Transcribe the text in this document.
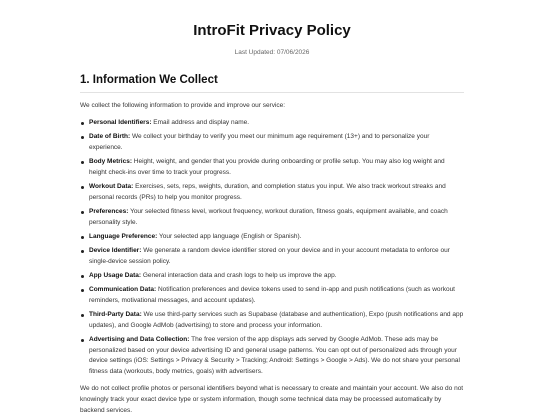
IntroFit Privacy Policy
Last Updated: 07/06/2026
1. Information We Collect

We collect the following information to provide and improve our service:

Personal Identifiers: Email address and display name.
Date of Birth: We collect your birthday to verify you meet our minimum age requirement (13+) and to personalize your experience.
Body Metrics: Height, weight, and gender that you provide during onboarding or profile setup. You may also log weight and height check-ins over time to track your progress.
Workout Data: Exercises, sets, reps, weights, duration, and completion status you input. We also track workout streaks and personal records (PRs) to help you monitor progress.
Preferences: Your selected fitness level, workout frequency, workout duration, fitness goals, equipment available, and coach personality style.
Language Preference: Your selected app language (English or Spanish).
Device Identifier: We generate a random device identifier stored on your device and in your account metadata to enforce our single-device session policy.
App Usage Data: General interaction data and crash logs to help us improve the app.
Communication Data: Notification preferences and device tokens used to send in-app and push notifications (such as workout reminders, motivational messages, and account updates).
Third-Party Data: We use third-party services such as Supabase (database and authentication), Expo (push notifications and app updates), and Google AdMob (advertising) to store and process your information.
Advertising and Data Collection: The free version of the app displays ads served by Google AdMob. These ads may be personalized based on your device advertising ID and general usage patterns. You can opt out of personalized ads through your device settings (iOS: Settings > Privacy & Security > Tracking; Android: Settings > Google > Ads). We do not share your personal fitness data (workouts, body metrics, goals) with advertisers.

We do not collect profile photos or personal identifiers beyond what is necessary to create and maintain your account. We also do not knowingly track your exact device type or system information, though some technical data may be processed automatically by backend services.
